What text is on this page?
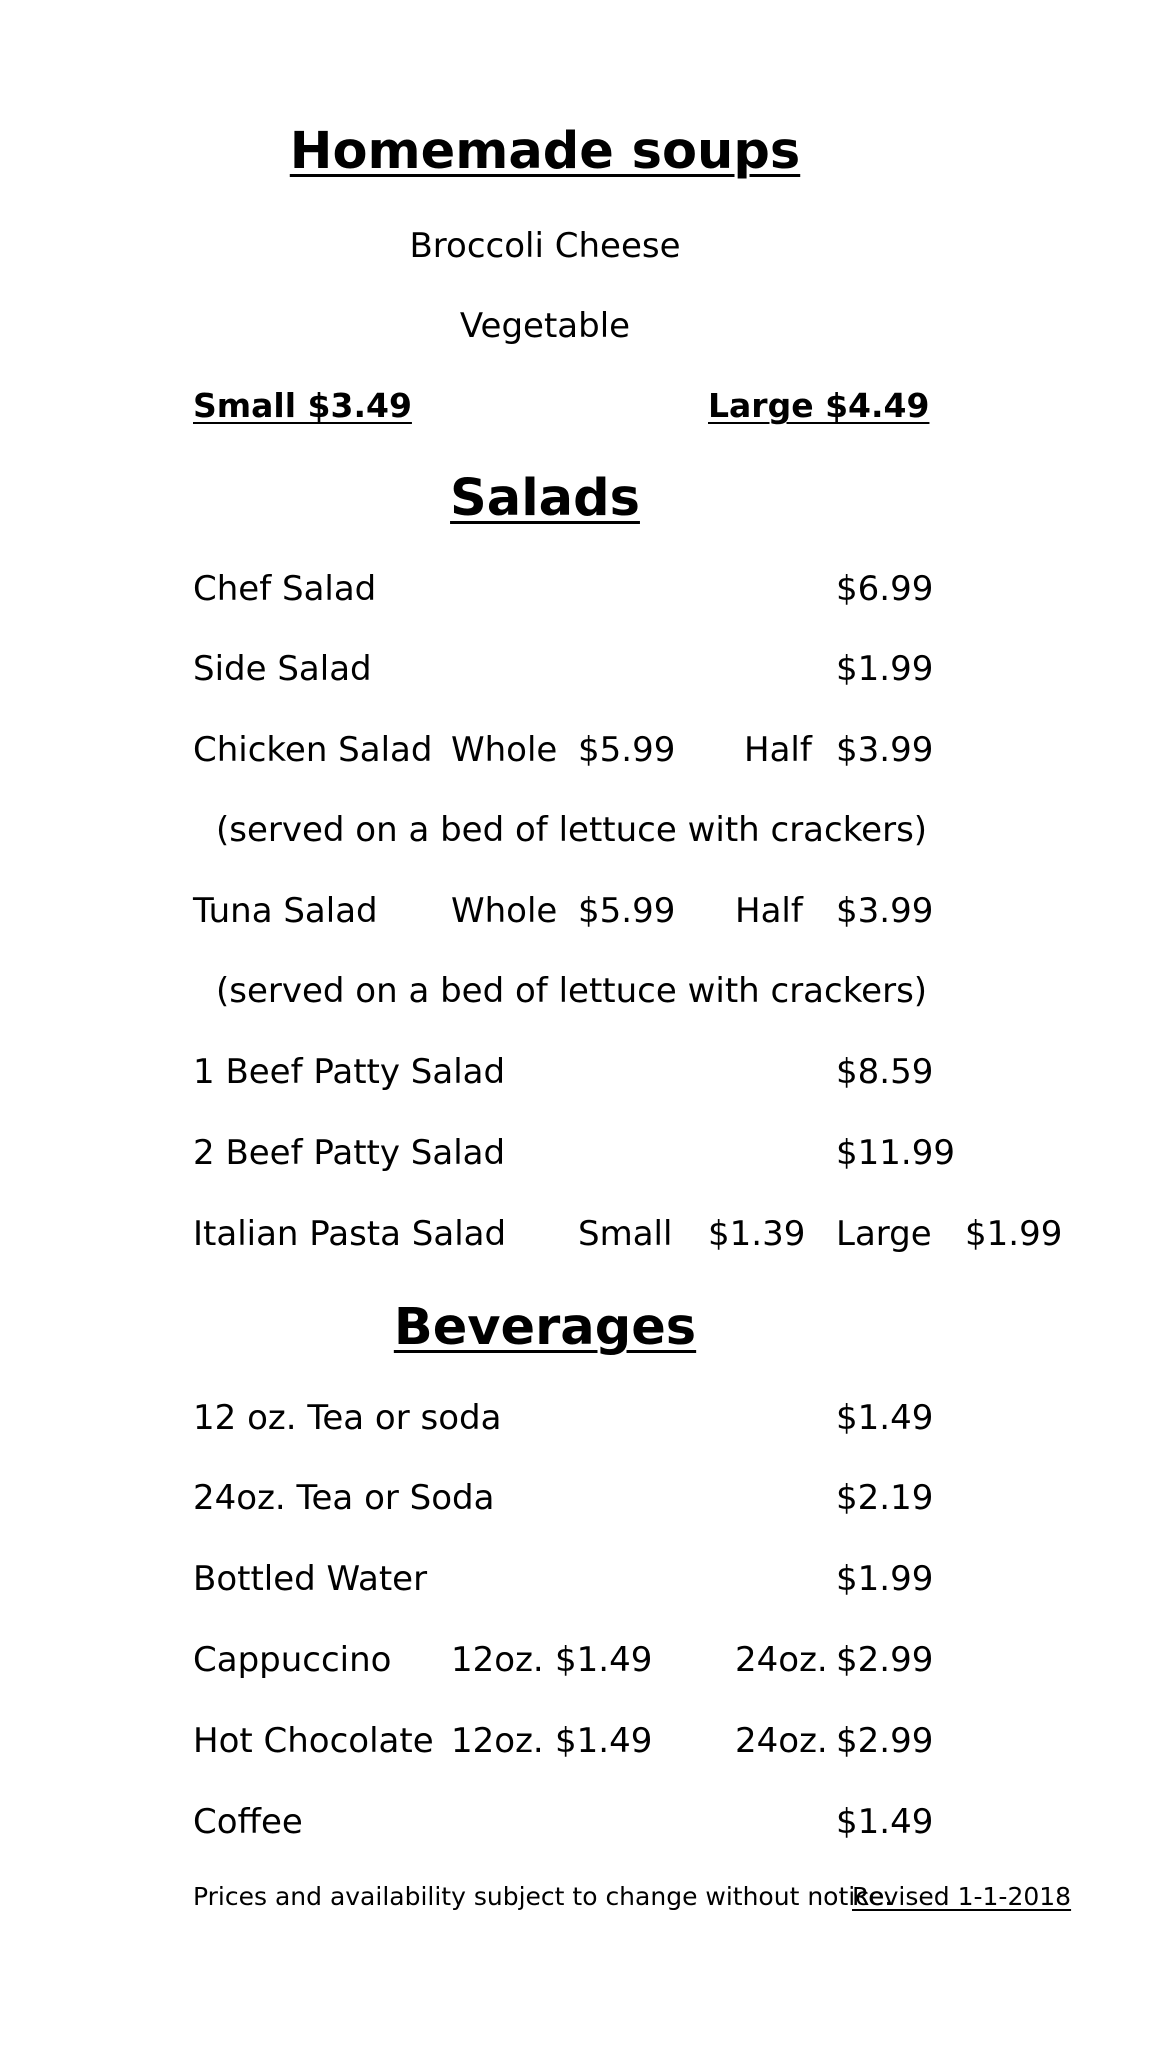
Homemade soups
Broccoli Cheese
Vegetable
Small $3.49	Large $4.49
Salads
Chef Salad	$6.99
Side Salad	$1.99
Chicken Salad Whole $5.99 Half $3.99
(served on a bed of lettuce with crackers)
Tuna Salad Whole $5.99 Half $3.99
(served on a bed of lettuce with crackers)
1 Beef Patty Salad	$8.59
2 Beef Patty Salad	$11.99
Italian Pasta Salad Small $1.39 Large $1.99
Beverages
12 oz. Tea or soda	$1.49
24oz. Tea or Soda	$2.19
Bottled Water	$1.99
Cappuccino 12oz. $1.49 24oz. $2.99
Hot Chocolate 12oz. $1.49 24oz. $2.99
Coffee	$1.49
Prices and availability subject to change without notice.
Revised 1-1-2018
